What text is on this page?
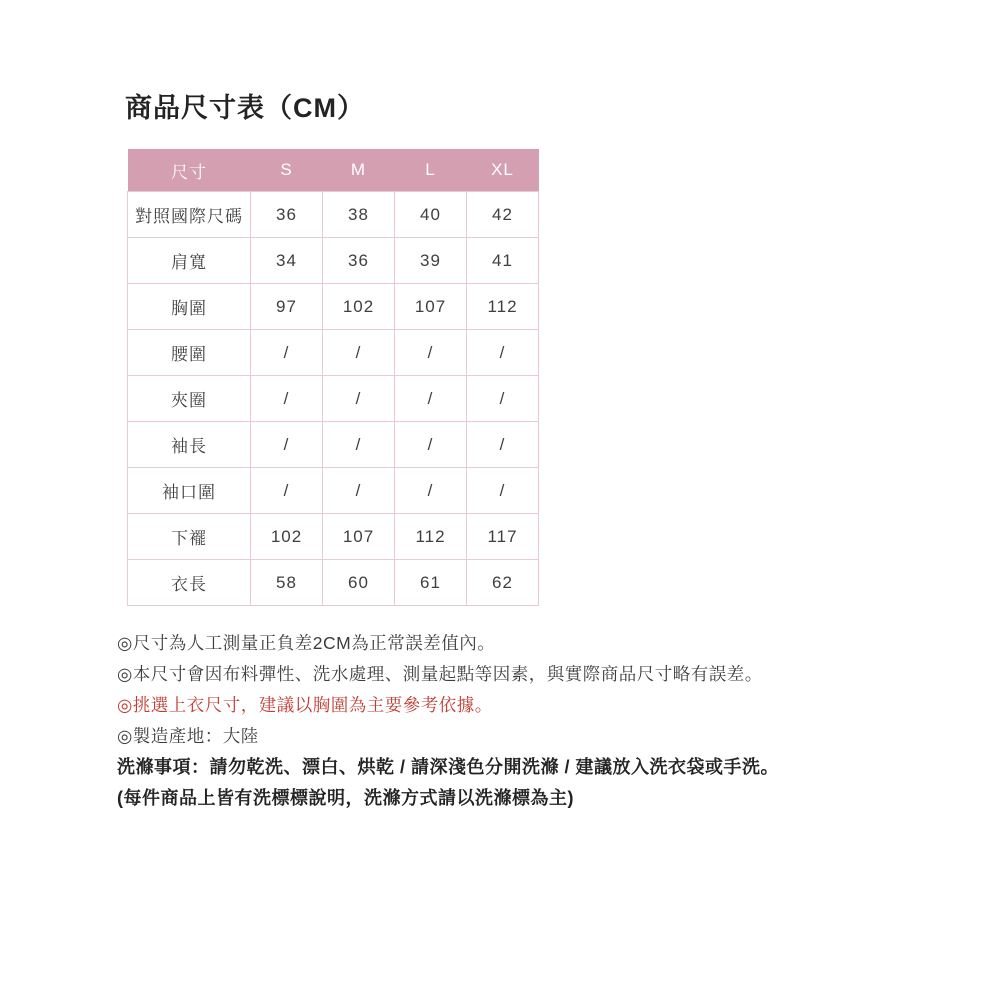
商品尺寸表（CM）
尺寸	S	M	L	XL
對照國際尺碼	36	38	40	42
肩寬	34	36	39	41
胸圍	97	102	107	112
腰圍	/	/	/	/
夾圈	/	/	/	/
袖長	/	/	/	/
袖口圍	/	/	/	/
下襬	102	107	112	117
衣長	58	60	61	62

◎尺寸為人工測量正負差2CM為正常誤差值內。

◎本尺寸會因布料彈性、洗水處理、測量起點等因素，與實際商品尺寸略有誤差。

◎挑選上衣尺寸，建議以胸圍為主要參考依據。

◎製造產地：大陸

洗滌事項：請勿乾洗、漂白、烘乾 / 請深淺色分開洗滌 / 建議放入洗衣袋或手洗。

(每件商品上皆有洗標標說明，洗滌方式請以洗滌標為主)
